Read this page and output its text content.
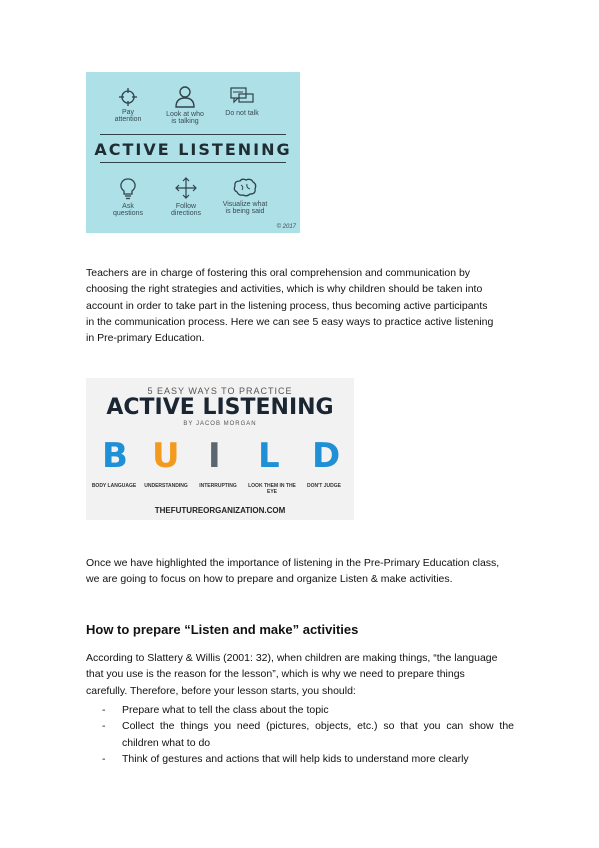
Pay attention
Look at who is talking
Do not talk
ACTIVE LISTENING
Ask questions
Follow directions
Visualize what is being said
© 2017
Teachers are in charge of fostering this oral comprehension and communication by
choosing the right strategies and activities, which is why children should be taken into
account in order to take part in the listening process, thus becoming active participants
in the communication process. Here we can see 5 easy ways to practice active listening
in Pre-primary Education.
5 EASY WAYS TO PRACTICE
ACTIVE LISTENING
BY JACOB MORGAN
B U I L D
BODY LANGUAGE	UNDERSTANDING	INTERRUPTING	LOOK THEM IN THE EYE
DON'T JUDGE
THEFUTUREORGANIZATION.COM
Once we have highlighted the importance of listening in the Pre-Primary Education class,
we are going to focus on how to prepare and organize Listen & make activities.
How to prepare “Listen and make” activities
According to Slattery & Willis (2001: 32), when children are making things, “the language
that you use is the reason for the lesson”, which is why we need to prepare things
carefully. Therefore, before your lesson starts, you should:
- Prepare what to tell the class about the topic
- Collect the things you need (pictures, objects, etc.) so that you can show the children what to do
- Think of gestures and actions that will help kids to understand more clearly
